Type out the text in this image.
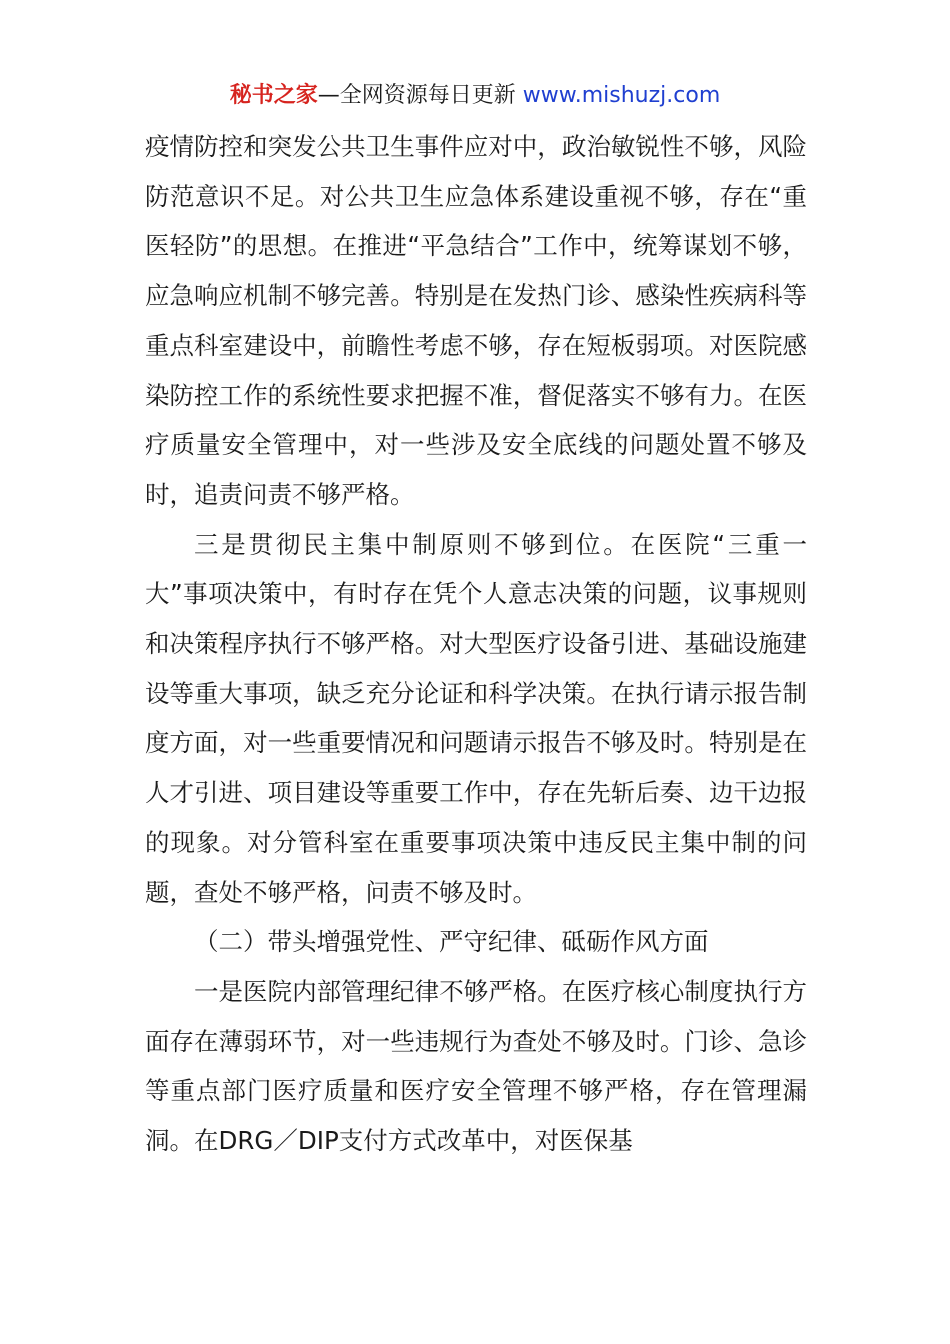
秘书之家—全网资源每日更新 www.mishuzj.com

疫情防控和突发公共卫生事件应对中，政治敏锐性不够，风险防范意识不足。对公共卫生应急体系建设重视不够，存在“重医轻防”的思想。在推进“平急结合”工作中，统筹谋划不够，应急响应机制不够完善。特别是在发热门诊、感染性疾病科等重点科室建设中，前瞻性考虑不够，存在短板弱项。对医院感染防控工作的系统性要求把握不准，督促落实不够有力。在医疗质量安全管理中，对一些涉及安全底线的问题处置不够及时，追责问责不够严格。

三是贯彻民主集中制原则不够到位。在医院“三重一大”事项决策中，有时存在凭个人意志决策的问题，议事规则和决策程序执行不够严格。对大型医疗设备引进、基础设施建设等重大事项，缺乏充分论证和科学决策。在执行请示报告制度方面，对一些重要情况和问题请示报告不够及时。特别是在人才引进、项目建设等重要工作中，存在先斩后奏、边干边报的现象。对分管科室在重要事项决策中违反民主集中制的问题，查处不够严格，问责不够及时。

（二）带头增强党性、严守纪律、砥砺作风方面

一是医院内部管理纪律不够严格。在医疗核心制度执行方面存在薄弱环节，对一些违规行为查处不够及时。门诊、急诊等重点部门医疗质量和医疗安全管理不够严格，存在管理漏洞。在DRG／DIP支付方式改革中，对医保基
